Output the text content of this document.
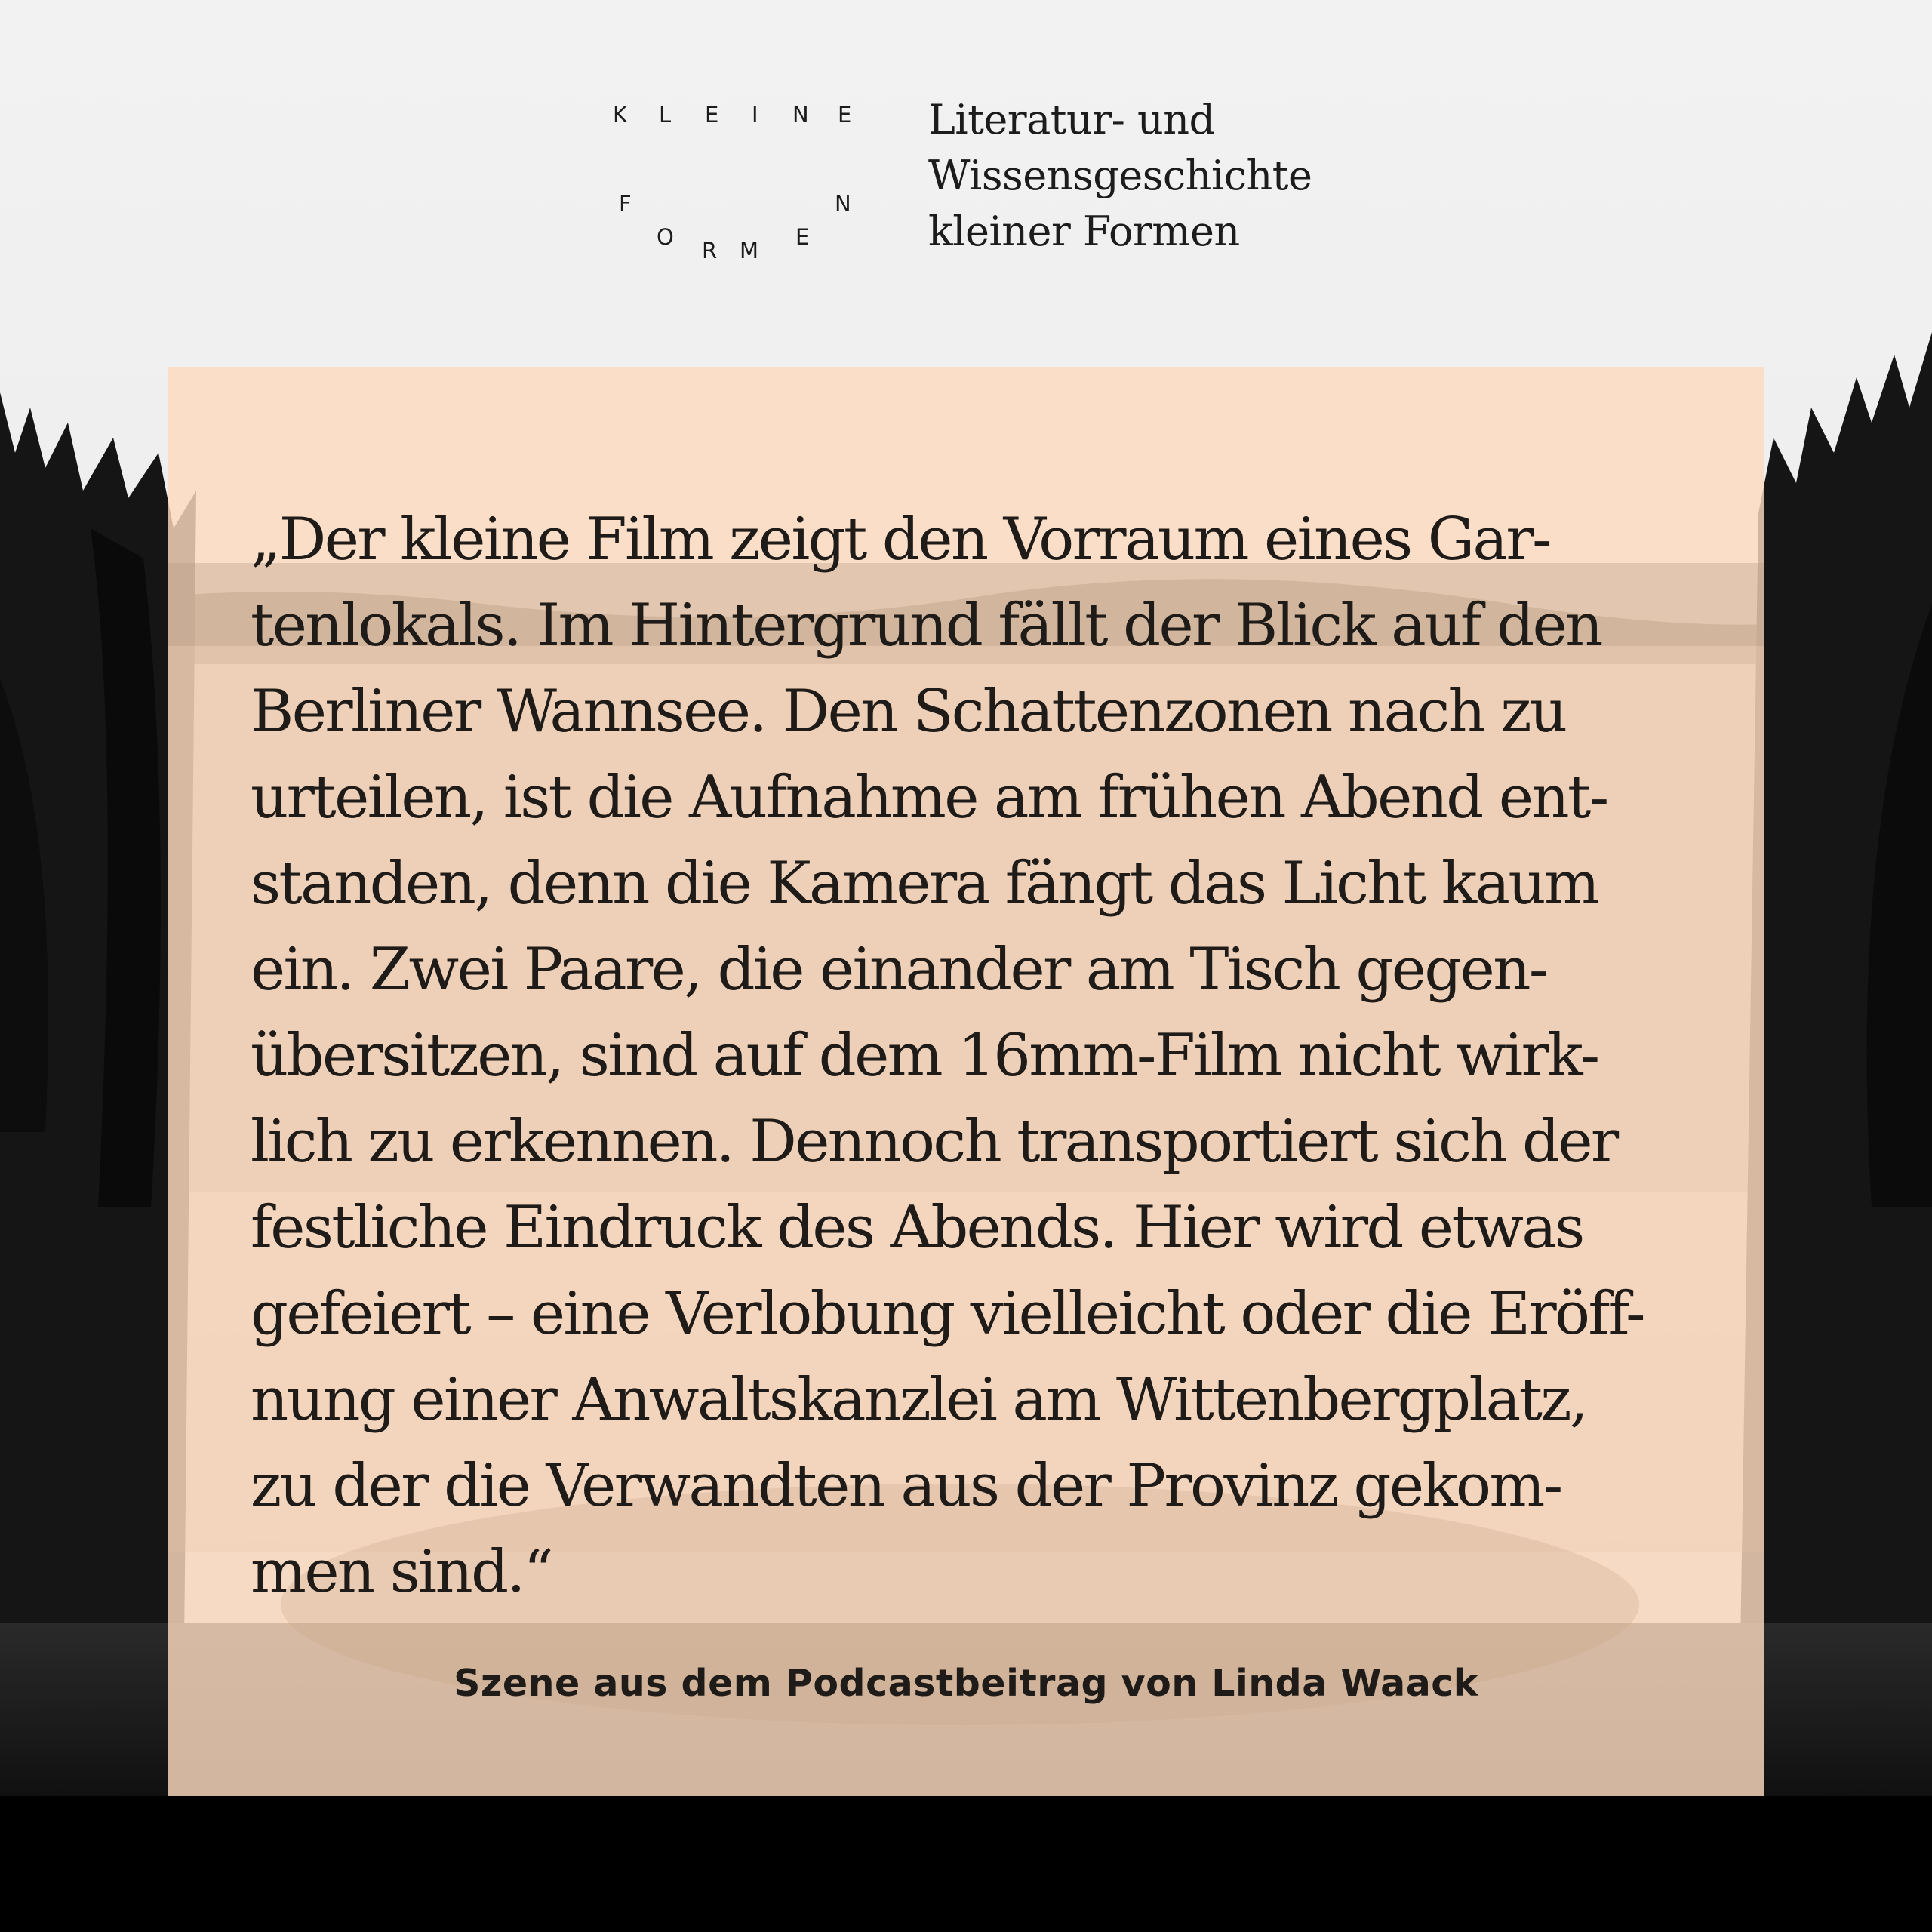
K L E I N E
F
O
R M
E
N
Literatur- und
Wissensgeschichte
kleiner Formen
„Der kleine Film zeigt den Vorraum eines Gar-
tenlokals. Im Hintergrund fällt der Blick auf den
Berliner Wannsee. Den Schattenzonen nach zu
urteilen, ist die Aufnahme am frühen Abend ent-
standen, denn die Kamera fängt das Licht kaum
ein. Zwei Paare, die einander am Tisch gegen-
übersitzen, sind auf dem 16mm-Film nicht wirk-
lich zu erkennen. Dennoch transportiert sich der
festliche Eindruck des Abends. Hier wird etwas
gefeiert – eine Verlobung vielleicht oder die Eröff-
nung einer Anwaltskanzlei am Wittenbergplatz,
zu der die Verwandten aus der Provinz gekom-
men sind.“

Szene aus dem Podcastbeitrag von Linda Waack
